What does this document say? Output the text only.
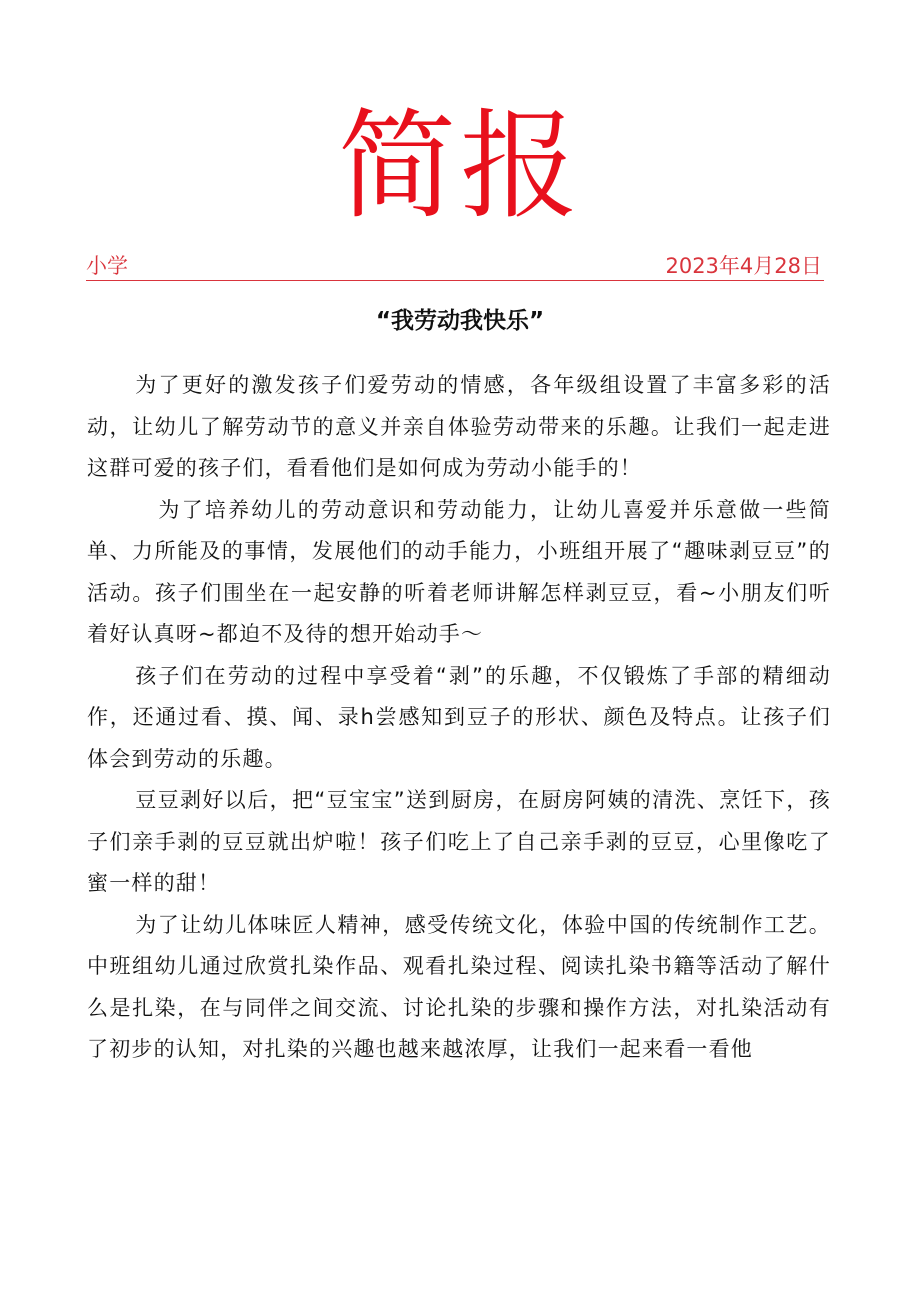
简报
小学	2023年4月28日
“我劳动我快乐”

为了更好的激发孩子们爱劳动的情感，各年级组设置了丰富多彩的活动，让幼儿了解劳动节的意义并亲自体验劳动带来的乐趣。让我们一起走进这群可爱的孩子们，看看他们是如何成为劳动小能手的！

为了培养幼儿的劳动意识和劳动能力，让幼儿喜爱并乐意做一些简单、力所能及的事情，发展他们的动手能力，小班组开展了“趣味剥豆豆”的活动。孩子们围坐在一起安静的听着老师讲解怎样剥豆豆，看~小朋友们听着好认真呀~都迫不及待的想开始动手～

孩子们在劳动的过程中享受着“剥”的乐趣，不仅锻炼了手部的精细动作，还通过看、摸、闻、录h尝感知到豆子的形状、颜色及特点。让孩子们体会到劳动的乐趣。

豆豆剥好以后，把“豆宝宝”送到厨房，在厨房阿姨的清洗、烹饪下，孩子们亲手剥的豆豆就出炉啦！孩子们吃上了自己亲手剥的豆豆，心里像吃了蜜一样的甜！

为了让幼儿体味匠人精神，感受传统文化，体验中国的传统制作工艺。中班组幼儿通过欣赏扎染作品、观看扎染过程、阅读扎染书籍等活动了解什么是扎染，在与同伴之间交流、讨论扎染的步骤和操作方法，对扎染活动有了初步的认知，对扎染的兴趣也越来越浓厚，让我们一起来看一看他
